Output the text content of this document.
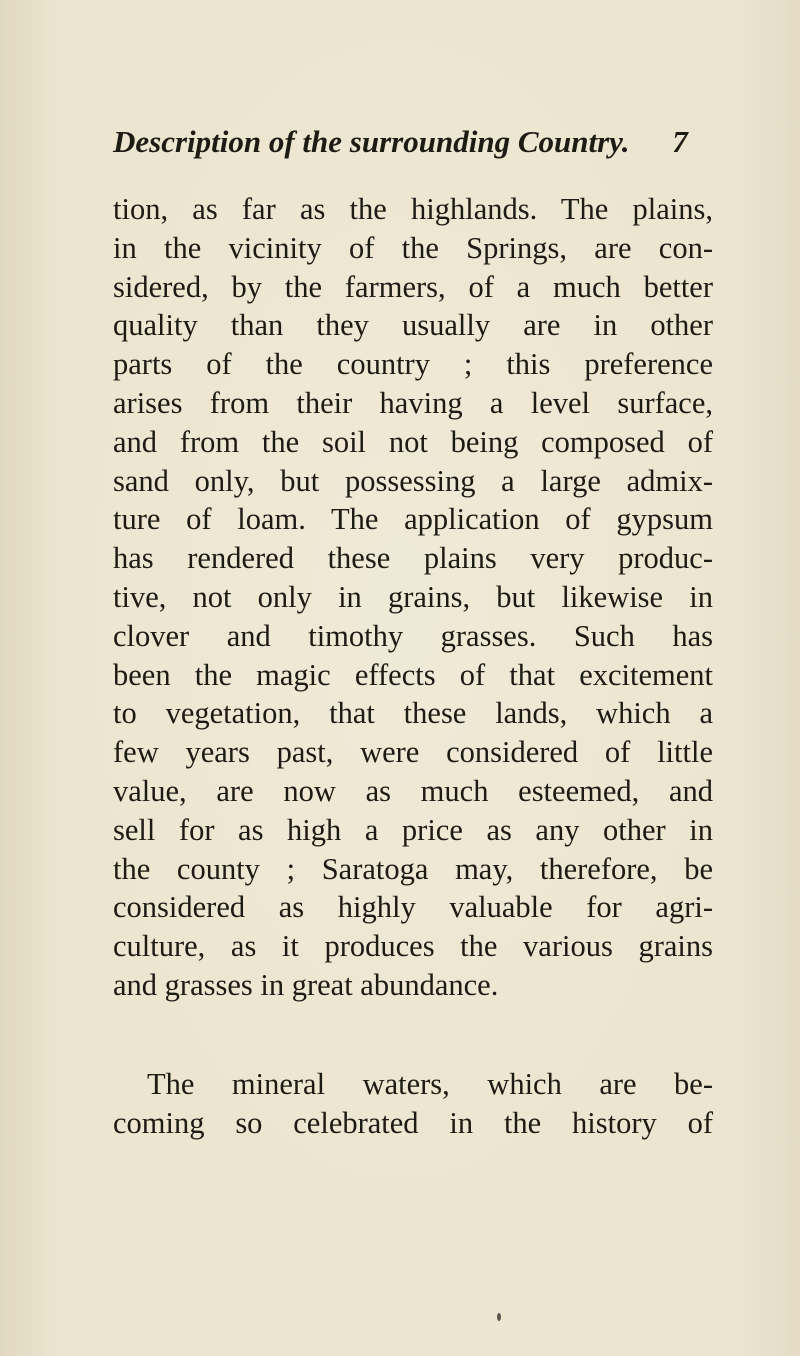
Description of the surrounding Country.	7
tion, as far as the highlands. The plains,
in the vicinity of the Springs, are con-
sidered, by the farmers, of a much better
quality than they usually are in other
parts of the country ; this preference
arises from their having a level surface,
and from the soil not being composed of
sand only, but possessing a large admix-
ture of loam. The application of gypsum
has rendered these plains very produc-
tive, not only in grains, but likewise in
clover and timothy grasses. Such has
been the magic effects of that excitement
to vegetation, that these lands, which a
few years past, were considered of little
value, are now as much esteemed, and
sell for as high a price as any other in
the county ; Saratoga may, therefore, be
considered as highly valuable for agri-
culture, as it produces the various grains
and grasses in great abundance.
The mineral waters, which are be-
coming so celebrated in the history of
